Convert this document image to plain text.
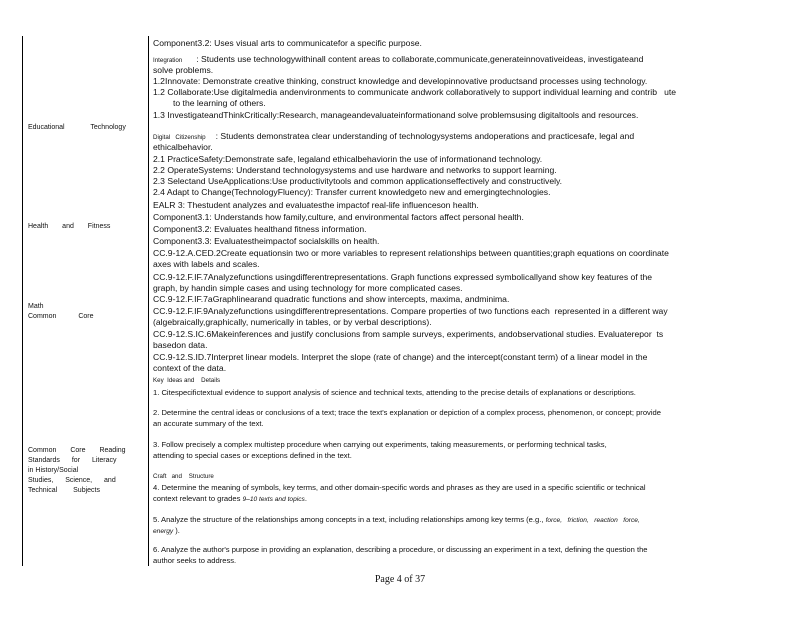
Educational Technology
Health and Fitness
Math
Common Core
Common Core Reading
Standards for Literacy
in History/Social
Studies, Science, and
Technical Subjects
Component3.2: Uses visual arts to communicatefor a specific purpose.
Integration : Students use technologywithinall content areas to collaborate,communicate,generateinnovativeideas, investigateand
solve problems.
1.2Innovate: Demonstrate creative thinking, construct knowledge and developinnovative productsand processes using technology.
1.2 Collaborate:Use digitalmedia andenvironments to communicate andwork collaboratively to support individual learning and contrib   ute
to the learning of others.
1.3 InvestigateandThinkCritically:Research, manageandevaluateinformationand solve problemsusing digitaltools and resources.
Digital   Citizenship : Students demonstratea clear understanding of technologysystems andoperations and practicesafe, legal and
ethicalbehavior.
2.1 PracticeSafety:Demonstrate safe, legaland ethicalbehaviorin the use of informationand technology.
2.2 OperateSystems: Understand technologysystems and use hardware and networks to support learning.
2.3 Selectand UseApplications:Use productivitytools and common applicationseffectively and constructively.
2.4 Adapt to Change(TechnologyFluency): Transfer current knowledgeto new and emergingtechnologies.
EALR 3: Thestudent analyzes and evaluatesthe impactof real-life influenceson health.
Component3.1: Understands how family,culture, and environmental factors affect personal health.
Component3.2: Evaluates healthand fitness information.
Component3.3: Evaluatestheimpactof socialskills on health.
CC.9-12.A.CED.2Create equationsin two or more variables to represent relationships between quantities;graph equations on coordinate
axes with labels and scales.
CC.9-12.F.IF.7Analyzefunctions usingdifferentrepresentations. Graph functions expressed symbolicallyand show key features of the
graph, by handin simple cases and using technology for more complicated cases.
CC.9-12.F.IF.7aGraphlinearand quadratic functions and show intercepts, maxima, andminima.
CC.9-12.F.IF.9Analyzefunctions usingdifferentrepresentations. Compare properties of two functions each  represented in a different way
(algebraically,graphically, numerically in tables, or by verbal descriptions).
CC.9-12.S.IC.6Makeinferences and justify conclusions from sample surveys, experiments, andobservational studies. Evaluaterepor  ts
basedon data.
CC.9-12.S.ID.7Interpret linear models. Interpret the slope (rate of change) and the intercept(constant term) of a linear model in the
context of the data.
Key  Ideas and    Details
1. Citespecifictextual evidence to support analysis of science and technical texts, attending to the precise details of explanations or descriptions.
2. Determine the central ideas or conclusions of a text; trace the text's explanation or depiction of a complex process, phenomenon, or concept; provide
an accurate summary of the text.
3. Follow precisely a complex multistep procedure when carrying out experiments, taking measurements, or performing technical tasks,
attending to special cases or exceptions defined in the text.
Craft   and    Structure
4. Determine the meaning of symbols, key terms, and other domain-specific words and phrases as they are used in a specific scientific or technical
context relevant to grades 9–10 texts and topics.
5. Analyze the structure of the relationships among concepts in a text, including relationships among key terms (e.g., force,   friction,   reaction   force,
energy ).
6. Analyze the author's purpose in providing an explanation, describing a procedure, or discussing an experiment in a text, defining the question the
author seeks to address.
Page 4 of 37
